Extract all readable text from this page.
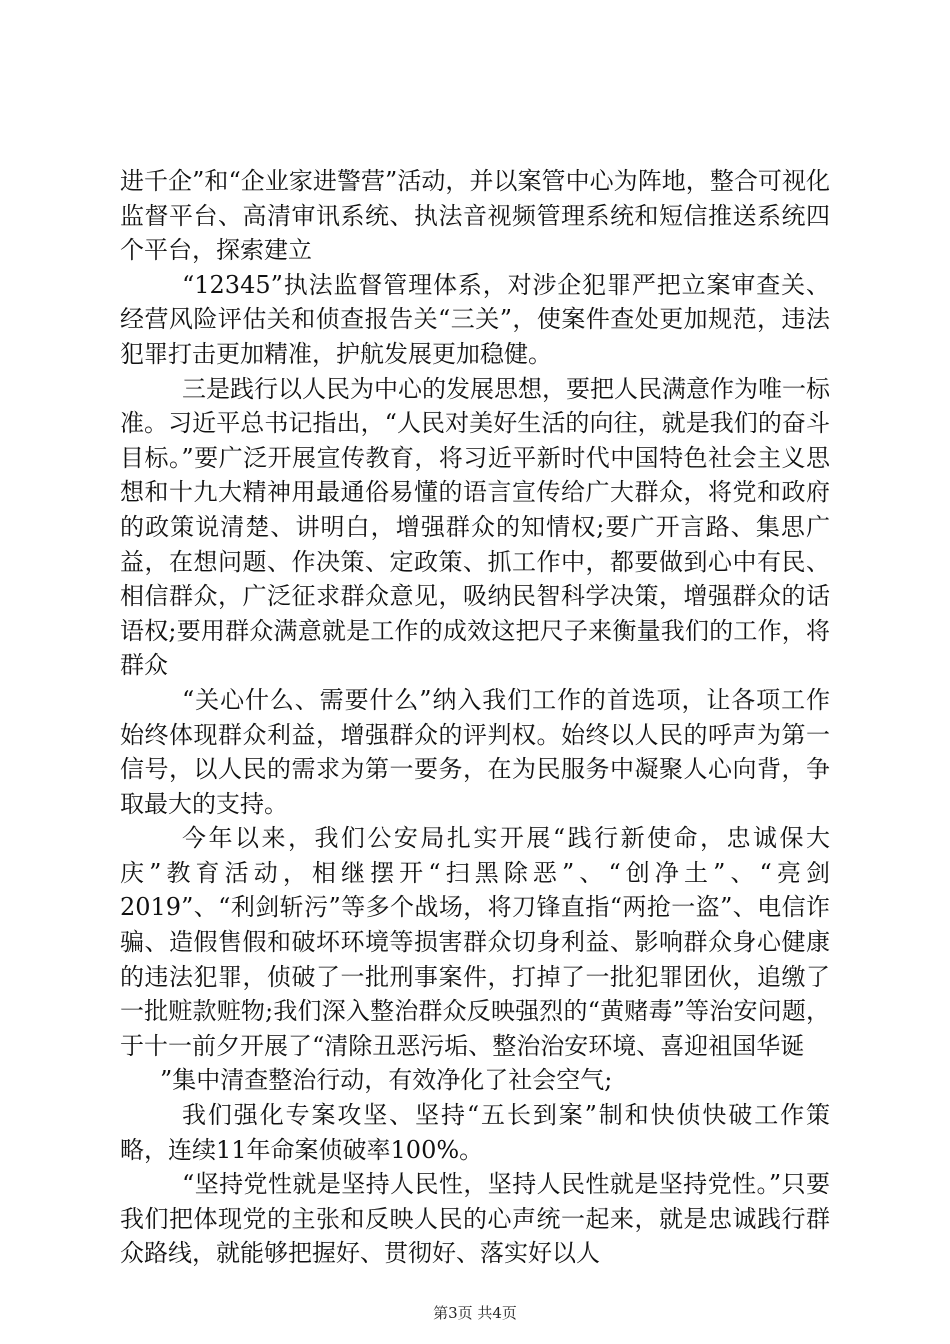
进千企”和“企业家进警营”活动，并以案管中心为阵地，整合可视化监督平台、高清审讯系统、执法音视频管理系统和短信推送系统四个平台，探索建立

“12345”执法监督管理体系，对涉企犯罪严把立案审查关、经营风险评估关和侦查报告关“三关”，使案件查处更加规范，违法犯罪打击更加精准，护航发展更加稳健。

三是践行以人民为中心的发展思想，要把人民满意作为唯一标准。习近平总书记指出，“人民对美好生活的向往，就是我们的奋斗目标。”要广泛开展宣传教育，将习近平新时代中国特色社会主义思想和十九大精神用最通俗易懂的语言宣传给广大群众，将党和政府的政策说清楚、讲明白，增强群众的知情权;要广开言路、集思广益，在想问题、作决策、定政策、抓工作中，都要做到心中有民、相信群众，广泛征求群众意见，吸纳民智科学决策，增强群众的话语权;要用群众满意就是工作的成效这把尺子来衡量我们的工作，将群众

“关心什么、需要什么”纳入我们工作的首选项，让各项工作始终体现群众利益，增强群众的评判权。始终以人民的呼声为第一信号，以人民的需求为第一要务，在为民服务中凝聚人心向背，争取最大的支持。

今年以来，我们公安局扎实开展“践行新使命，忠诚保大庆”教育活动，相继摆开“扫黑除恶”、“创净土”、“亮剑2019”、“利剑斩污”等多个战场，将刀锋直指“两抢一盗”、电信诈骗、造假售假和破坏环境等损害群众切身利益、影响群众身心健康的违法犯罪，侦破了一批刑事案件，打掉了一批犯罪团伙，追缴了一批赃款赃物;我们深入整治群众反映强烈的“黄赌毒”等治安问题，于十一前夕开展了“清除丑恶污垢、整治治安环境、喜迎祖国华诞

”集中清查整治行动，有效净化了社会空气;

我们强化专案攻坚、坚持“五长到案”制和快侦快破工作策略，连续11年命案侦破率100%。

“坚持党性就是坚持人民性，坚持人民性就是坚持党性。”只要我们把体现党的主张和反映人民的心声统一起来，就是忠诚践行群众路线，就能够把握好、贯彻好、落实好以人

第3页 共4页
